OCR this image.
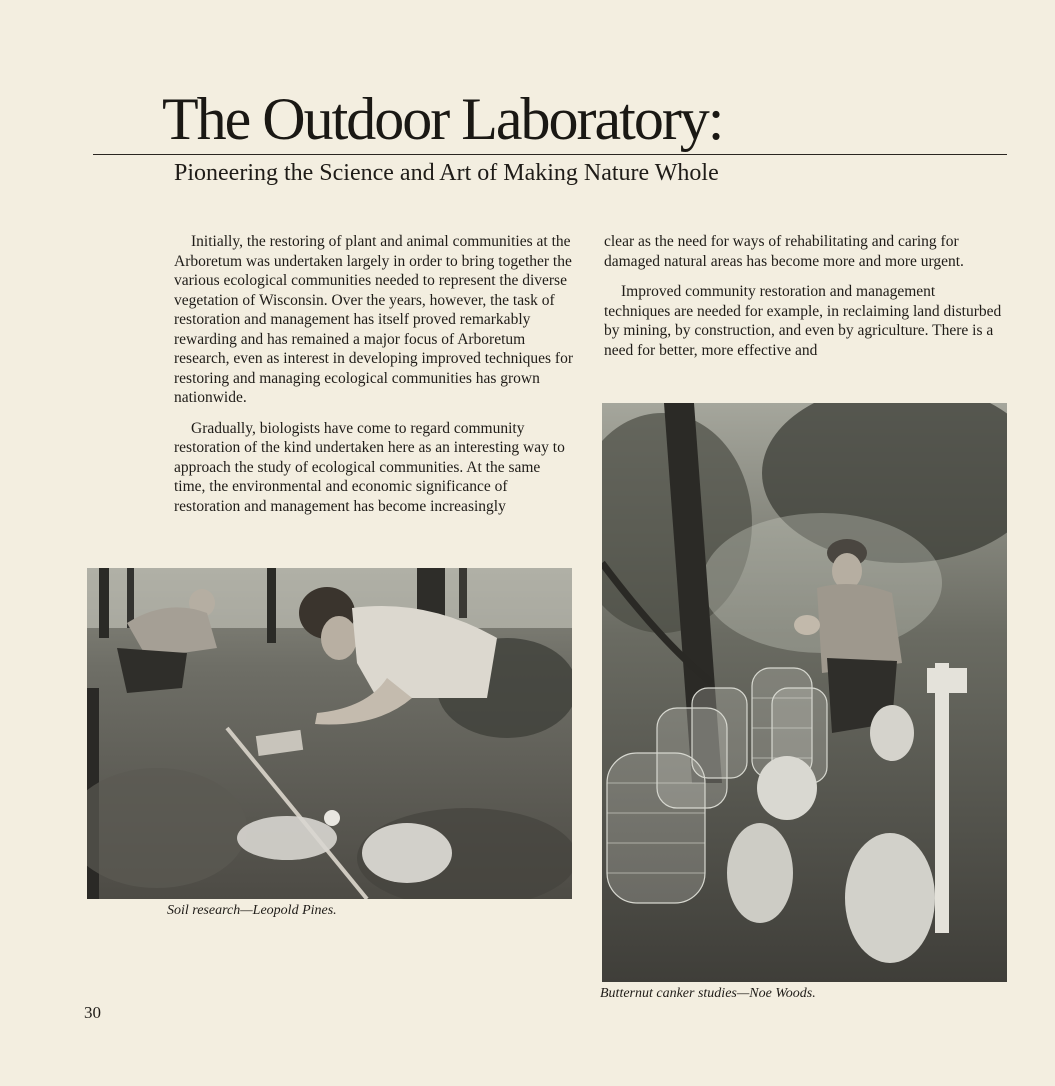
The Outdoor Laboratory:
Pioneering the Science and Art of Making Nature Whole

Initially, the restoring of plant and animal communities at the Arboretum was undertaken largely in order to bring together the various ecological communities needed to represent the diverse vegetation of Wisconsin. Over the years, however, the task of restoration and management has itself proved remarkably rewarding and has remained a major focus of Arboretum research, even as interest in developing improved techniques for restoring and managing ecological communities has grown nationwide.

Gradually, biologists have come to regard community restoration of the kind undertaken here as an interesting way to approach the study of ecological communities. At the same time, the environmental and economic significance of restoration and management has become increasingly

clear as the need for ways of rehabilitating and caring for damaged natural areas has become more and more urgent.

Improved community restoration and management techniques are needed for example, in reclaiming land disturbed by mining, by construction, and even by agriculture. There is a need for better, more effective and

Soil research—Leopold Pines.

Butternut canker studies—Noe Woods.

30
